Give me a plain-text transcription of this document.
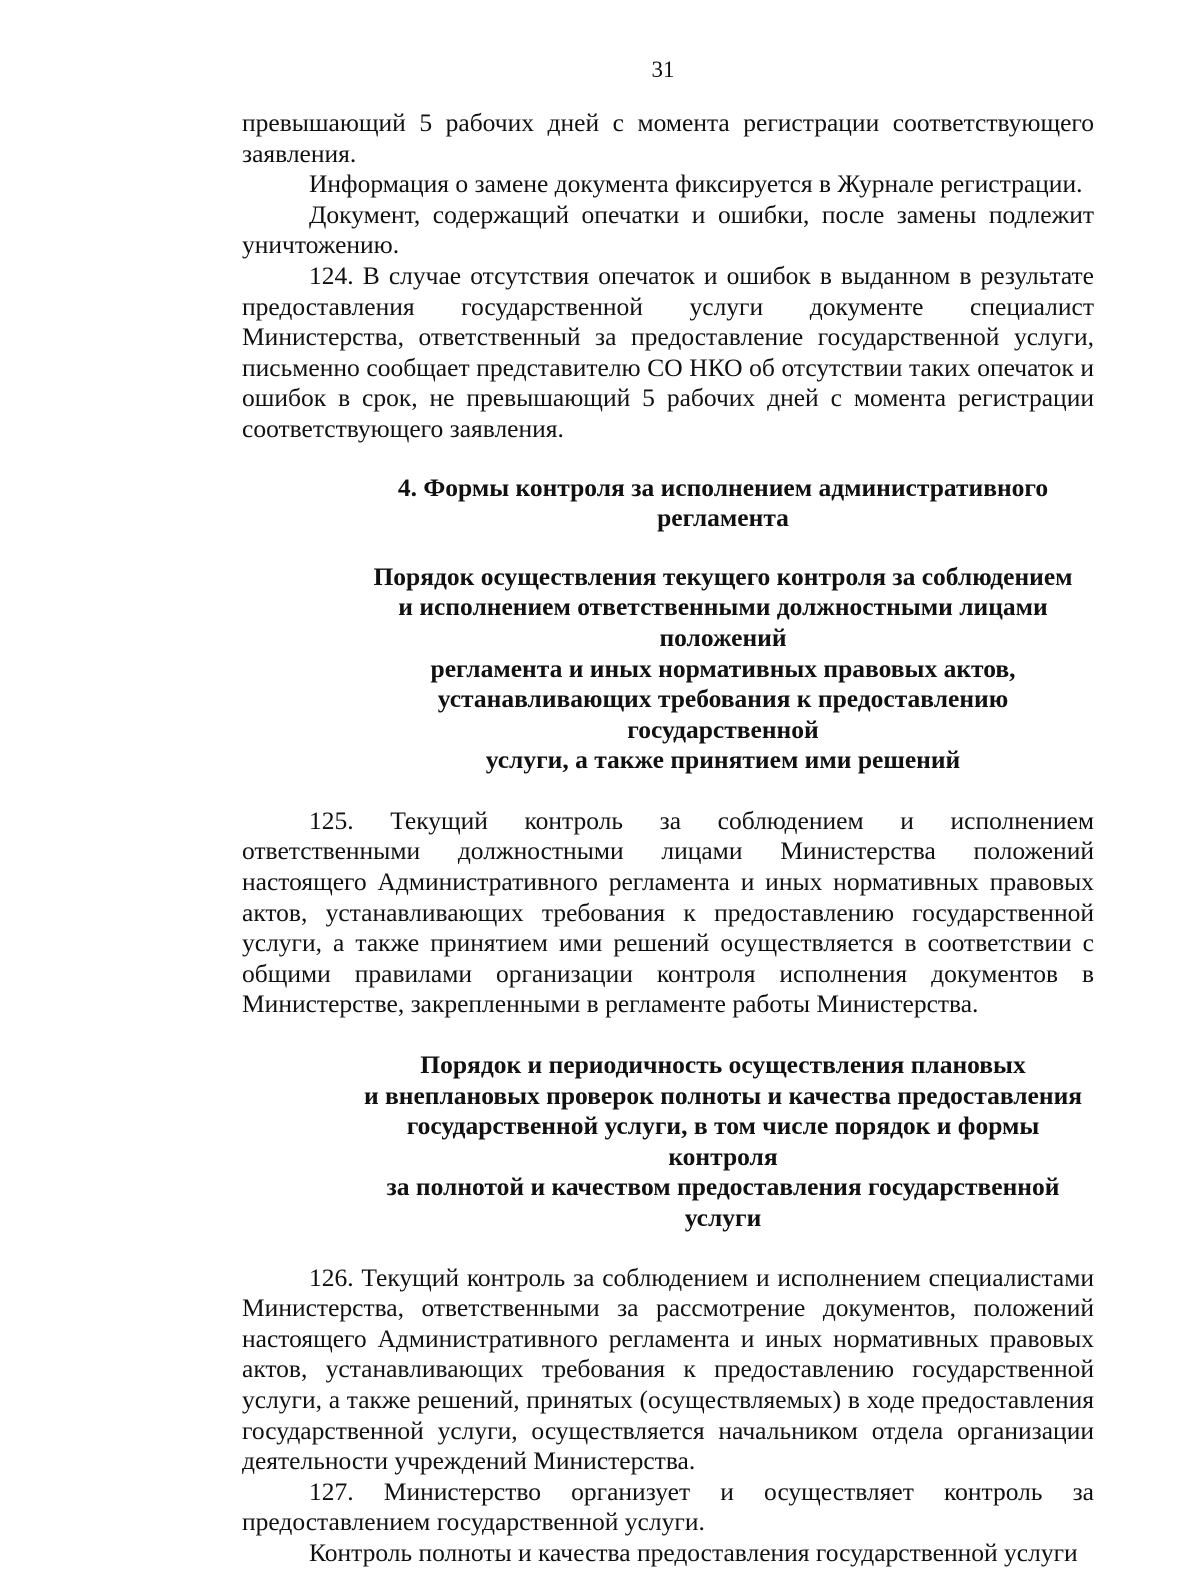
31

превышающий 5 рабочих дней с момента регистрации соответствующего заявления.

Информация о замене документа фиксируется в Журнале регистрации.

Документ, содержащий опечатки и ошибки, после замены подлежит уничтожению.

124. В случае отсутствия опечаток и ошибок в выданном в результате предоставления государственной услуги документе специалист Министерства, ответственный за предоставление государственной услуги, письменно сообщает представителю СО НКО об отсутствии таких опечаток и ошибок в срок, не превышающий 5 рабочих дней с момента регистрации соответствующего заявления.

4. Формы контроля за исполнением административного

регламента

Порядок осуществления текущего контроля за соблюдением

и исполнением ответственными должностными лицами положений

регламента и иных нормативных правовых актов,

устанавливающих требования к предоставлению государственной

услуги, а также принятием ими решений

125. Текущий контроль за соблюдением и исполнением ответственными должностными лицами Министерства положений настоящего Административного регламента и иных нормативных правовых актов, устанавливающих требования к предоставлению государственной услуги, а также принятием ими решений осуществляется в соответствии с общими правилами организации контроля исполнения документов в Министерстве, закрепленными в регламенте работы Министерства.

Порядок и периодичность осуществления плановых

и внеплановых проверок полноты и качества предоставления

государственной услуги, в том числе порядок и формы контроля

за полнотой и качеством предоставления государственной

услуги

126. Текущий контроль за соблюдением и исполнением специалистами Министерства, ответственными за рассмотрение документов, положений настоящего Административного регламента и иных нормативных правовых актов, устанавливающих требования к предоставлению государственной услуги, а также решений, принятых (осуществляемых) в ходе предоставления государственной услуги, осуществляется начальником отдела организации деятельности учреждений Министерства.

127. Министерство организует и осуществляет контроль за предоставлением государственной услуги.

Контроль полноты и качества предоставления государственной услуги
